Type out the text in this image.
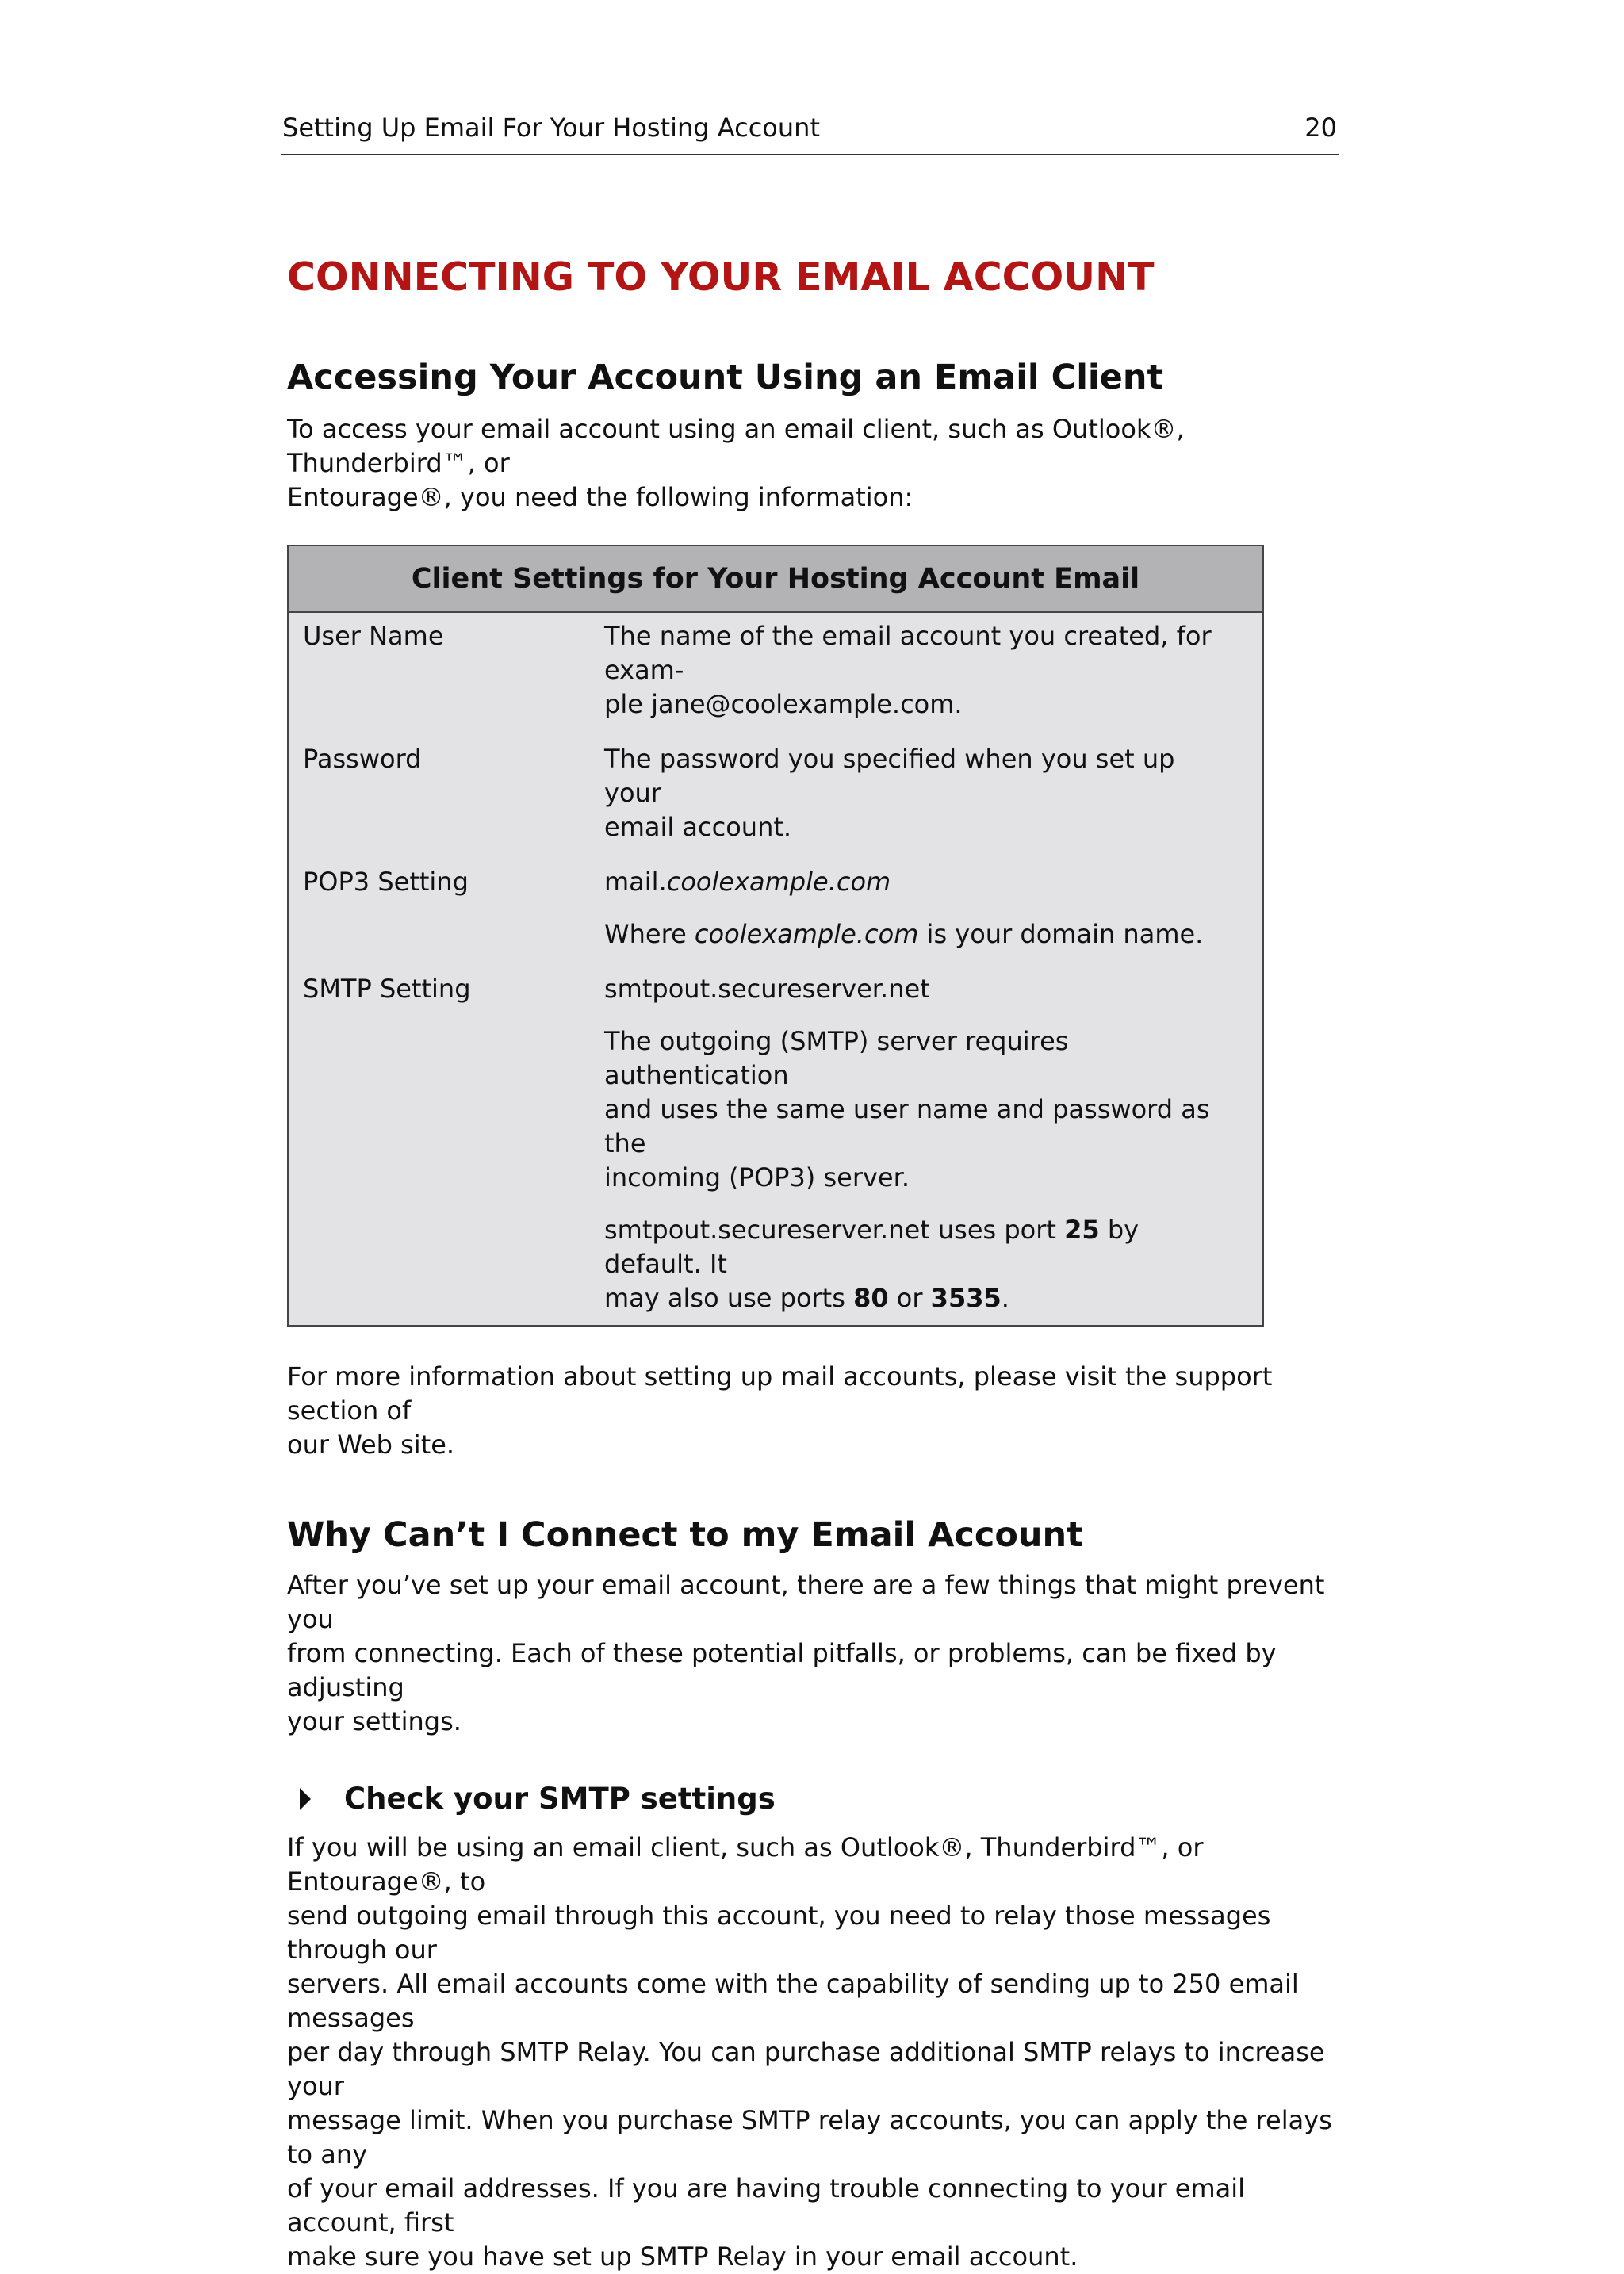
Setting Up Email For Your Hosting Account	20
CONNECTING TO YOUR EMAIL ACCOUNT
Accessing Your Account Using an Email Client

To access your email account using an email client, such as Outlook®, Thunderbird™, or
Entourage®, you need the following information:

Client Settings for Your Hosting Account Email
User Name	The name of the email account you created, for exam-
ple jane@coolexample.com.
Password	The password you specified when you set up your
email account.
POP3 Setting	mail.coolexample.com
Where coolexample.com is your domain name.
SMTP Setting	smtpout.secureserver.net
The outgoing (SMTP) server requires authentication
and uses the same user name and password as the
incoming (POP3) server.
smtpout.secureserver.net uses port 25 by default. It
may also use ports 80 or 3535.

For more information about setting up mail accounts, please visit the support section of
our Web site.

Why Can’t I Connect to my Email Account

After you’ve set up your email account, there are a few things that might prevent you
from connecting. Each of these potential pitfalls, or problems, can be fixed by adjusting
your settings.

Check your SMTP settings

If you will be using an email client, such as Outlook®, Thunderbird™, or Entourage®, to
send outgoing email through this account, you need to relay those messages through our
servers. All email accounts come with the capability of sending up to 250 email messages
per day through SMTP Relay. You can purchase additional SMTP relays to increase your
message limit. When you purchase SMTP relay accounts, you can apply the relays to any
of your email addresses. If you are having trouble connecting to your email account, first
make sure you have set up SMTP Relay in your email account.
